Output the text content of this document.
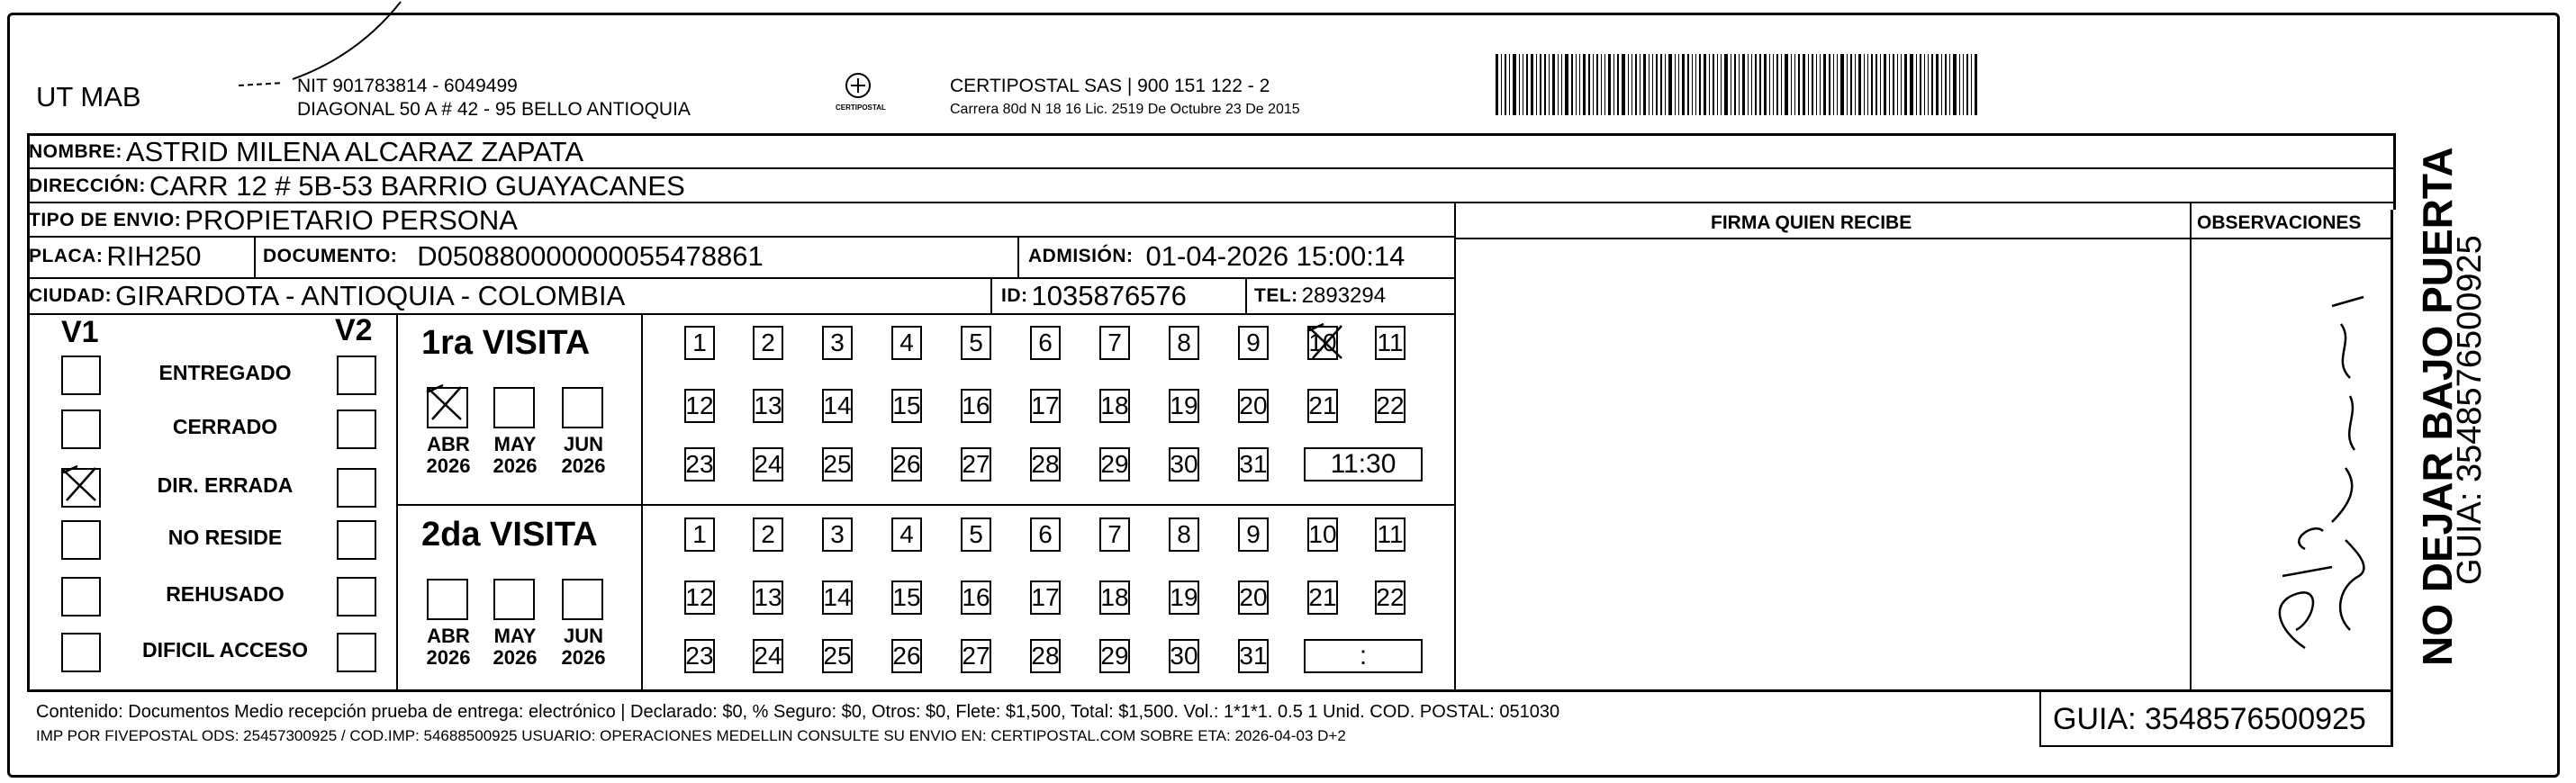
UT MAB	NIT 901783814 - 6049499
DIAGONAL 50 A # 42 - 95 BELLO ANTIOQUIA	CERTIPOSTAL
CERTIPOSTAL SAS | 900 151 122 - 2
Carrera 80d N 18 16 Lic. 2519 De Octubre 23 De 2015
NOMBRE: ASTRID MILENA ALCARAZ ZAPATA
DIRECCIÓN: CARR 12 # 5B-53 BARRIO GUAYACANES
TIPO DE ENVIO: PROPIETARIO PERSONA
PLACA: RIH250	DOCUMENTO: D050880000000055478861	ADMISIÓN: 01-04-2026 15:00:14
CIUDAD: GIRARDOTA - ANTIOQUIA - COLOMBIA	ID: 1035876576	TEL: 2893294
FIRMA QUIEN RECIBE	OBSERVACIONES
V1	V2
ENTREGADO
CERRADO
DIR. ERRADA
NO RESIDE
REHUSADO
DIFICIL ACCESO
1ra VISITA
ABR
2026
MAY
2026
JUN
2026
1	2	3	4	5	6	7	8	9	10 11
12 13 14 15 16 17 18 19 20 21 22
23 24 25 26 27 28 29 30 31	11:30
2da VISITA
ABR
2026
MAY
2026
JUN
2026
1	2	3	4	5	6	7	8	9	10 11
12 13 14 15 16 17 18 19 20 21 22
23 24 25 26 27 28 29 30 31	:
Contenido: Documentos Medio recepción prueba de entrega: electrónico | Declarado: $0, % Seguro: $0, Otros: $0, Flete: $1,500, Total: $1,500. Vol.: 1*1*1. 0.5 1 Unid. COD. POSTAL: 051030
IMP POR FIVEPOSTAL ODS: 25457300925 / COD.IMP: 54688500925 USUARIO: OPERACIONES MEDELLIN CONSULTE SU ENVIO EN: CERTIPOSTAL.COM SOBRE ETA: 2026-04-03 D+2	GUIA: 3548576500925
NO DEJAR BAJO PUERTA
GUIA: 3548576500925
